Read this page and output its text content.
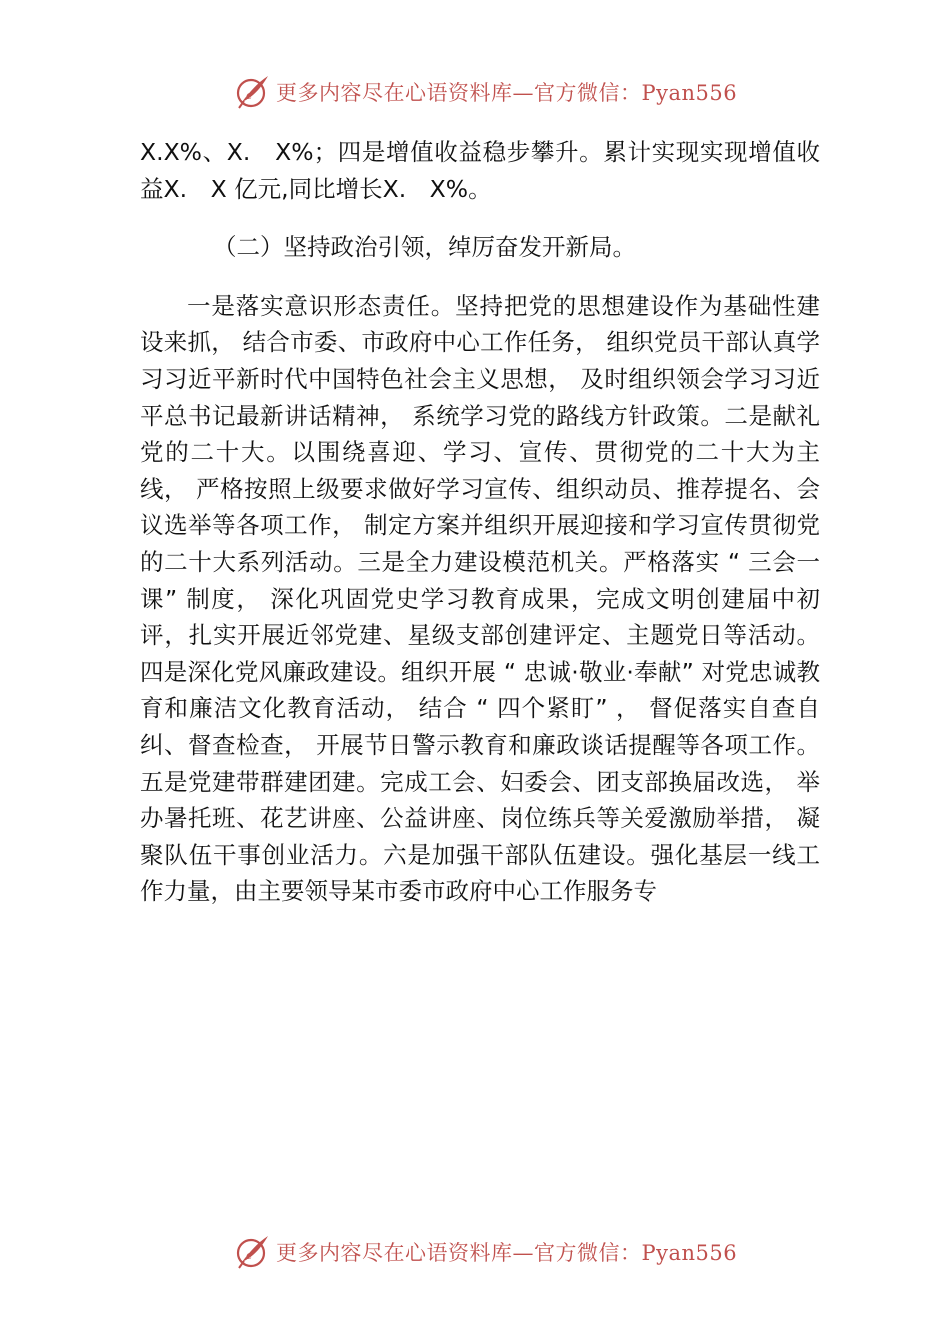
e 更多内容尽在心语资料库—官方微信：Pyan556

X.X%、X.　X%；四是增值收益稳步攀升。累计实现实现增值收益X.　X 亿元,同比增长X.　X%。

（二）坚持政治引领，绰厉奋发开新局。

一是落实意识形态责任。坚持把党的思想建设作为基础性建设来抓， 结合市委、市政府中心工作任务， 组织党员干部认真学习习近平新时代中国特色社会主义思想， 及时组织领会学习习近平总书记最新讲话精神， 系统学习党的路线方针政策。二是献礼党的二十大。以围绕喜迎、学习、宣传、贯彻党的二十大为主线， 严格按照上级要求做好学习宣传、组织动员、推荐提名、会议选举等各项工作， 制定方案并组织开展迎接和学习宣传贯彻党的二十大系列活动。三是全力建设模范机关。严格落实 “ 三会一课” 制度， 深化巩固党史学习教育成果，完成文明创建届中初评，扎实开展近邻党建、星级支部创建评定、主题党日等活动。四是深化党风廉政建设。组织开展 “ 忠诚·敬业·奉献” 对党忠诚教育和廉洁文化教育活动， 结合 “ 四个紧盯” ， 督促落实自查自纠、督查检查， 开展节日警示教育和廉政谈话提醒等各项工作。五是党建带群建团建。完成工会、妇委会、团支部换届改选， 举办暑托班、花艺讲座、公益讲座、岗位练兵等关爱激励举措， 凝聚队伍干事创业活力。六是加强干部队伍建设。强化基层一线工作力量，由主要领导某市委市政府中心工作服务专

e 更多内容尽在心语资料库—官方微信：Pyan556
